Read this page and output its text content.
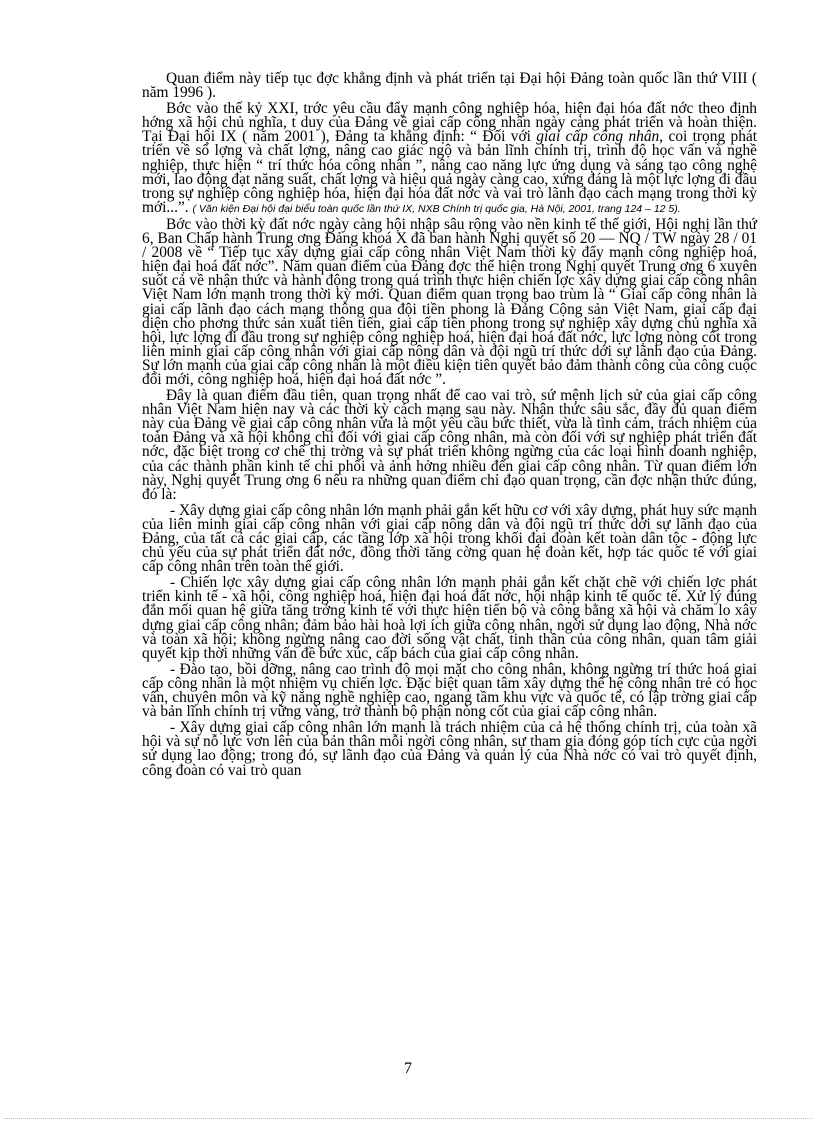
Quan điểm này tiếp tục đợc khẳng định và phát triển tại Đại hội Đảng toàn quốc lần thứ VIII ( năm 1996 ).

Bớc vào thế kỷ XXI, trớc yêu cầu đẩy mạnh công nghiệp hóa, hiện đại hóa đất nớc theo định hớng xã hội chủ nghĩa, t duy của Đảng về giai cấp công nhân ngày càng phát triển và hoàn thiện. Tại Đại hội IX ( năm 2001 ), Đảng ta khẳng định: “ Đối với giai cấp công nhân, coi trọng phát triển về số lợng và chất lợng, nâng cao giác ngộ và bản lĩnh chính trị, trình độ học vấn và nghề nghiệp, thực hiện “ trí thức hóa công nhân ”, nâng cao năng lực ứng dụng và sáng tạo công nghệ mới, lao động đạt năng suất, chất lợng và hiệu quả ngày càng cao, xứng đáng là một lực lợng đi đầu trong sự nghiệp công nghiệp hóa, hiện đại hóa đất nớc và vai trò lãnh đạo cách mạng trong thời kỳ mới...”. ( Văn kiện Đại hội đại biểu toàn quốc lần thứ IX, NXB Chính trị quốc gia, Hà Nội, 2001, trang 124 – 12 5).

Bớc vào thời kỳ đất nớc ngày càng hội nhập sâu rộng vào nền kinh tế thế giới, Hội nghị lần thứ 6, Ban Chấp hành Trung ơng Đảng khoá X đã ban hành Nghị quyết số 20 — NQ / TW ngày 28 / 01 / 2008 về “ Tiếp tục xây dựng giai cấp công nhân Việt Nam thời kỳ đẩy mạnh công nghiệp hoá, hiện đại hoá đất nớc”. Năm quan điểm của Đảng đợc thể hiện trong Nghị quyết Trung ơng 6 xuyên suốt cả về nhận thức và hành động trong quá trình thực hiện chiến lợc xây dựng giai cấp công nhân Việt Nam lớn mạnh trong thời kỳ mới. Quan điểm quan trọng bao trùm là “ Giai cấp công nhân là giai cấp lãnh đạo cách mạng thông qua đội tiền phong là Đảng Cộng sản Việt Nam, giai cấp đại diện cho phơng thức sản xuất tiên tiến, giai cấp tiên phong trong sự nghiệp xây dựng chủ nghĩa xã hội, lực lợng đi đầu trong sự nghiệp công nghiệp hoá, hiện đại hoá đất nớc, lực lợng nòng cốt trong liên minh giai cấp công nhân với giai cấp nông dân và đội ngũ trí thức dới sự lãnh đạo của Đảng. Sự lớn mạnh của giai cấp công nhân là một điều kiện tiên quyết bảo đảm thành công của công cuộc đổi mới, công nghiệp hoá, hiện đại hoá đất nớc ”.

Đây là quan điểm đầu tiên, quan trọng nhất để cao vai trò, sứ mệnh lịch sử của giai cấp công nhân Việt Nam hiện nay và các thời kỳ cách mạng sau này. Nhận thức sâu sắc, đầy đủ quan điểm này của Đảng về giai cấp công nhân vừa là một yêu cầu bức thiết, vừa là tình cảm, trách nhiệm của toàn Đảng và xã hội không chỉ đối với giai cấp công nhân, mà còn đối với sự nghiệp phát triển đất nớc, đặc biệt trong cơ chế thị trờng và sự phát triển không ngừng của các loại hình doanh nghiệp, của các thành phần kinh tế chi phối và ảnh hởng nhiều đến giai cấp công nhân. Từ quan điểm lớn này, Nghị quyết Trung ơng 6 nêu ra những quan điểm chỉ đạo quan trọng, cần đợc nhận thức đúng, đó là:

- Xây dựng giai cấp công nhân lớn mạnh phải gắn kết hữu cơ với xây dựng, phát huy sức mạnh của liên minh giai cấp công nhân với giai cấp nông dân và đội ngũ trí thức dới sự lãnh đạo của Đảng, của tất cả các giai cấp, các tầng lớp xã hội trong khối đại đoàn kết toàn dân tộc - động lực chủ yếu của sự phát triển đất nớc, đồng thời tăng cờng quan hệ đoàn kết, hợp tác quốc tế với giai cấp công nhân trên toàn thế giới.

- Chiến lợc xây dựng giai cấp công nhân lớn mạnh phải gắn kết chặt chẽ với chiến lợc phát triển kinh tế - xã hội, công nghiệp hoá, hiện đại hoá đất nớc, hội nhập kinh tế quốc tế. Xử lý đúng đắn mối quan hệ giữa tăng trởng kinh tế với thực hiện tiến bộ và công bằng xã hội và chăm lo xây dựng giai cấp công nhân; đảm bảo hài hoà lợi ích giữa công nhân, ngời sử dụng lao động, Nhà nớc và toàn xã hội; không ngừng nâng cao đời sống vật chất, tinh thần của công nhân, quan tâm giải quyết kịp thời những vấn đề bức xúc, cấp bách của giai cấp công nhân.

- Đào tạo, bồi dỡng, nâng cao trình độ mọi mặt cho công nhân, không ngừng trí thức hoá giai cấp công nhân là một nhiệm vụ chiến lợc. Đặc biệt quan tâm xây dựng thế hệ công nhân trẻ có học vấn, chuyên môn và kỹ năng nghề nghiệp cao, ngang tầm khu vực và quốc tế, có lập trờng giai cấp và bản lĩnh chính trị vững vàng, trở thành bộ phận nòng cốt của giai cấp công nhân.

- Xây dựng giai cấp công nhân lớn mạnh là trách nhiệm của cả hệ thống chính trị, của toàn xã hội và sự nỗ lực vơn lên của bản thân mỗi ngời công nhân, sự tham gia đóng góp tích cực của ngời sử dụng lao động; trong đó, sự lãnh đạo của Đảng và quản lý của Nhà nớc có vai trò quyết định, công đoàn có vai trò quan

7
